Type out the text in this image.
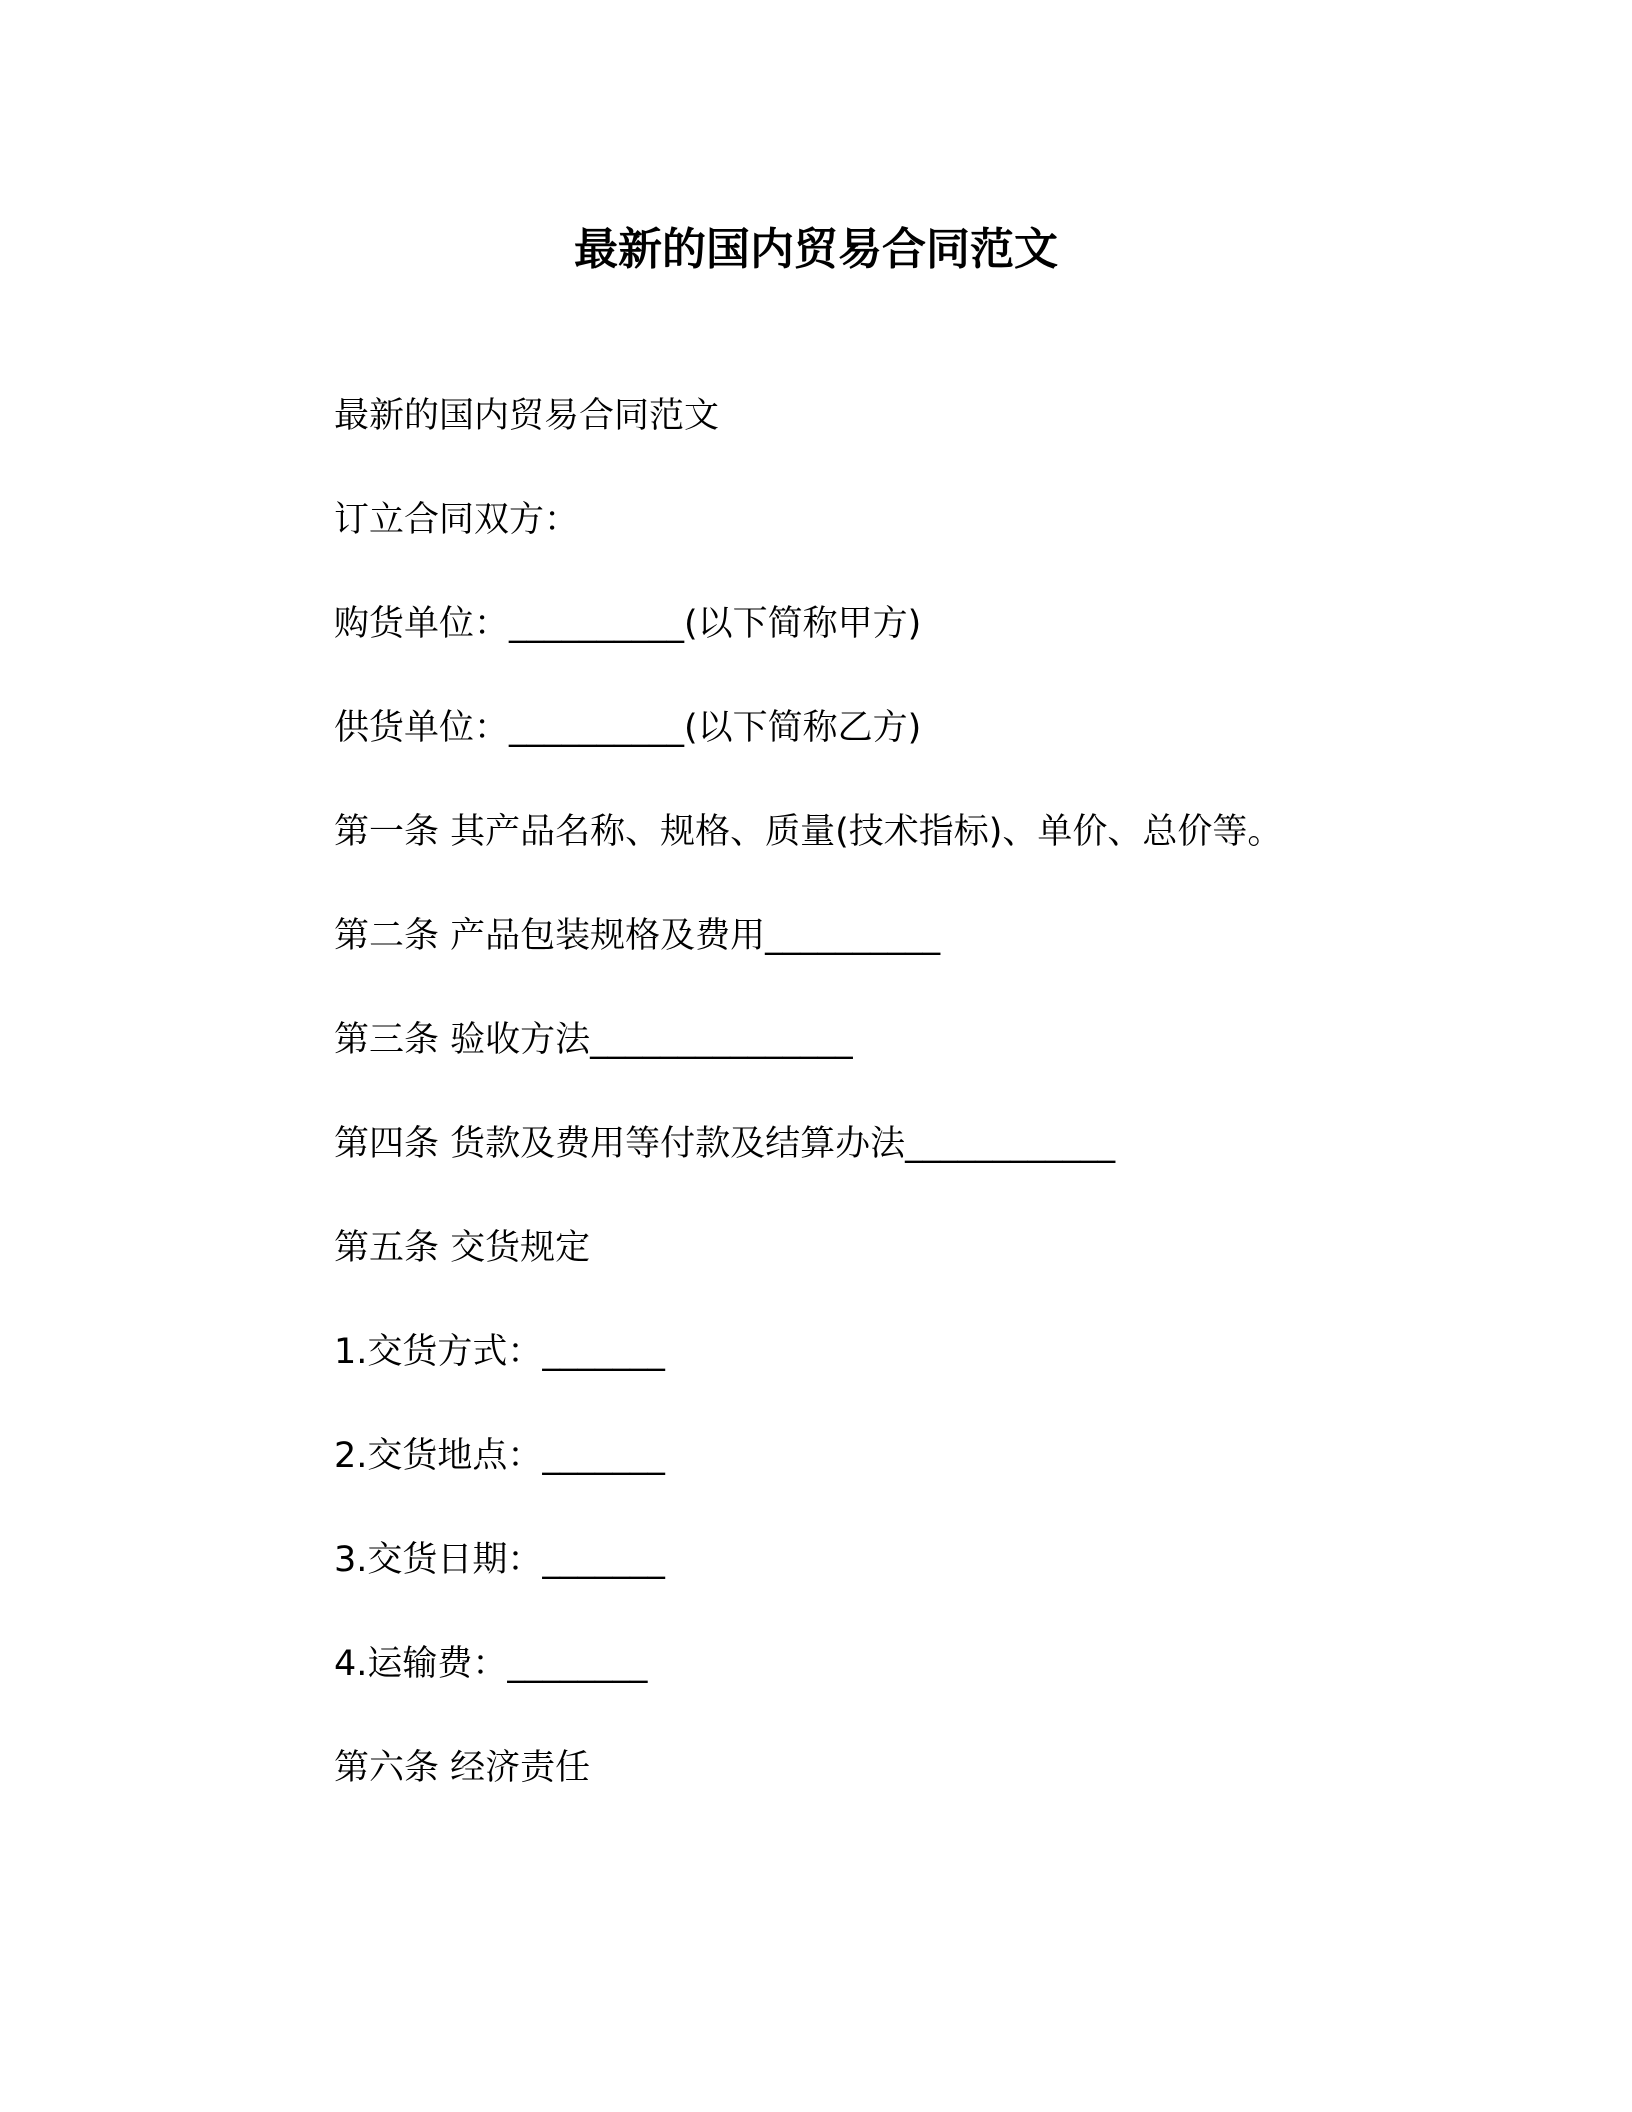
最新的国内贸易合同范文
最新的国内贸易合同范文
订立合同双方：
购货单位：__________(以下简称甲方)
供货单位：__________(以下简称乙方)
第一条 其产品名称、规格、质量(技术指标)、单价、总价等。
第二条 产品包装规格及费用__________
第三条 验收方法_______________
第四条 货款及费用等付款及结算办法____________
第五条 交货规定
1.交货方式：_______
2.交货地点：_______
3.交货日期：_______
4.运输费：________
第六条 经济责任
